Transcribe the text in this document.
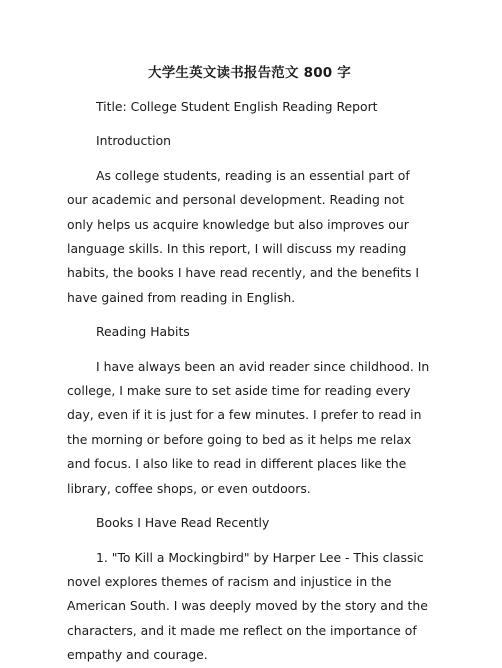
大学生英文读书报告范文 800 字
Title: College Student English Reading Report
Introduction
As college students, reading is an essential part of our academic and personal development. Reading not only helps us acquire knowledge but also improves our language skills. In this report, I will discuss my reading habits, the books I have read recently, and the benefits I have gained from reading in English.
Reading Habits
I have always been an avid reader since childhood. In college, I make sure to set aside time for reading every day, even if it is just for a few minutes. I prefer to read in the morning or before going to bed as it helps me relax and focus. I also like to read in different places like the library, coffee shops, or even outdoors.
Books I Have Read Recently
1. "To Kill a Mockingbird" by Harper Lee - This classic novel explores themes of racism and injustice in the American South. I was deeply moved by the story and the characters, and it made me reflect on the importance of empathy and courage.
